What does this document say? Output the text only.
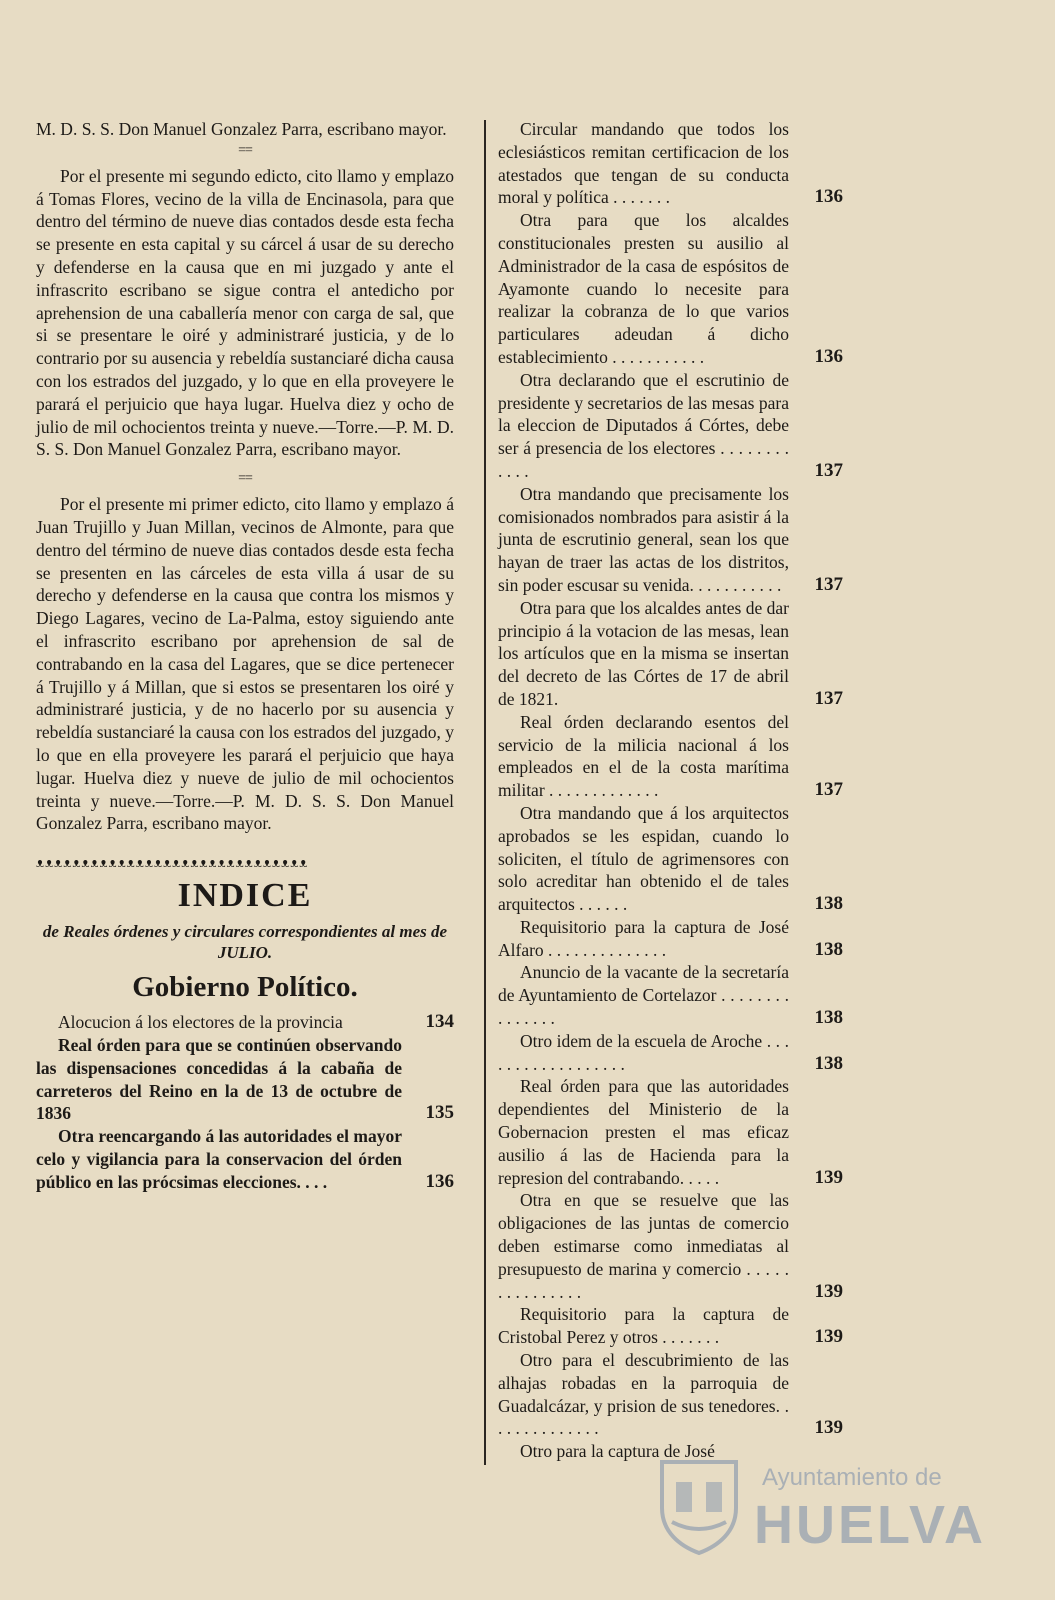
M. D. S. S. Don Manuel Gonzalez Parra, escribano mayor.

==

Por el presente mi segundo edicto, cito llamo y emplazo á Tomas Flores, vecino de la villa de Encinasola, para que dentro del término de nueve dias contados desde esta fecha se presente en esta capital y su cárcel á usar de su derecho y defenderse en la causa que en mi juzgado y ante el infrascrito escribano se sigue contra el antedicho por aprehension de una caballería menor con carga de sal, que si se presentare le oiré y administraré justicia, y de lo contrario por su ausencia y rebeldía sustanciaré dicha causa con los estrados del juzgado, y lo que en ella proveyere le parará el perjuicio que haya lugar. Huelva diez y ocho de julio de mil ochocientos treinta y nueve.—Torre.—P. M. D. S. S. Don Manuel Gonzalez Parra, escribano mayor.

==

Por el presente mi primer edicto, cito llamo y emplazo á Juan Trujillo y Juan Millan, vecinos de Almonte, para que dentro del término de nueve dias contados desde esta fecha se presenten en las cárceles de esta villa á usar de su derecho y defenderse en la causa que contra los mismos y Diego Lagares, vecino de La-Palma, estoy siguiendo ante el infrascrito escribano por aprehension de sal de contrabando en la casa del Lagares, que se dice pertenecer á Trujillo y á Millan, que si estos se presentaren los oiré y administraré justicia, y de no hacerlo por su ausencia y rebeldía sustanciaré la causa con los estrados del juzgado, y lo que en ella proveyere les parará el perjuicio que haya lugar. Huelva diez y nueve de julio de mil ochocientos treinta y nueve.—Torre.—P. M. D. S. S. Don Manuel Gonzalez Parra, escribano mayor.

ᴥᴥᴥᴥᴥᴥᴥᴥᴥᴥᴥᴥᴥᴥᴥᴥᴥᴥᴥᴥᴥᴥᴥᴥᴥᴥᴥᴥᴥᴥ
INDICE

de Reales órdenes y circulares correspondientes al mes de JULIO.

Gobierno Político.
Alocucion á los electores de la provincia	134
Real órden para que se continúen observando las dispensaciones concedidas á la cabaña de carreteros del Reino en la de 13 de octubre de 1836	135
Otra reencargando á las autoridades el mayor celo y vigilancia para la conservacion del órden público en las prócsimas elecciones. . . .	136
Circular mandando que todos los eclesiásticos remitan certificacion de los atestados que tengan de su conducta moral y política . . . . . . .	136
Otra para que los alcaldes constitucionales presten su ausilio al Administrador de la casa de espósitos de Ayamonte cuando lo necesite para realizar la cobranza de lo que varios particulares adeudan á dicho establecimiento . . . . . . . . . . .	136
Otra declarando que el escrutinio de presidente y secretarios de las mesas para la eleccion de Diputados á Córtes, debe ser á presencia de los electores . . . . . . . . . . . .	137
Otra mandando que precisamente los comisionados nombrados para asistir á la junta de escrutinio general, sean los que hayan de traer las actas de los distritos, sin poder escusar su venida. . . . . . . . . . .	137
Otra para que los alcaldes antes de dar principio á la votacion de las mesas, lean los artículos que en la misma se insertan del decreto de las Córtes de 17 de abril de 1821.	137
Real órden declarando esentos del servicio de la milicia nacional á los empleados en el de la costa marítima militar . . . . . . . . . . . . .	137
Otra mandando que á los arquitectos aprobados se les espidan, cuando lo soliciten, el título de agrimensores con solo acreditar han obtenido el de tales arquitectos . . . . . .	138
Requisitorio para la captura de José Alfaro . . . . . . . . . . . . . .	138
Anuncio de la vacante de la secretaría de Ayuntamiento de Cortelazor . . . . . . . . . . . . . . .	138
Otro idem de la escuela de Aroche . . . . . . . . . . . . . . . . . .	138
Real órden para que las autoridades dependientes del Ministerio de la Gobernacion presten el mas eficaz ausilio á las de Hacienda para la represion del contrabando. . . . .	139
Otra en que se resuelve que las obligaciones de las juntas de comercio deben estimarse como inmediatas al presupuesto de marina y comercio . . . . . . . . . . . . . . .	139
Requisitorio para la captura de Cristobal Perez y otros . . . . . . .	139
Otro para el descubrimiento de las alhajas robadas en la parroquia de Guadalcázar, y prision de sus tenedores. . . . . . . . . . . . . .	139
Otro para la captura de José
Ayuntamiento de
HUELVA
